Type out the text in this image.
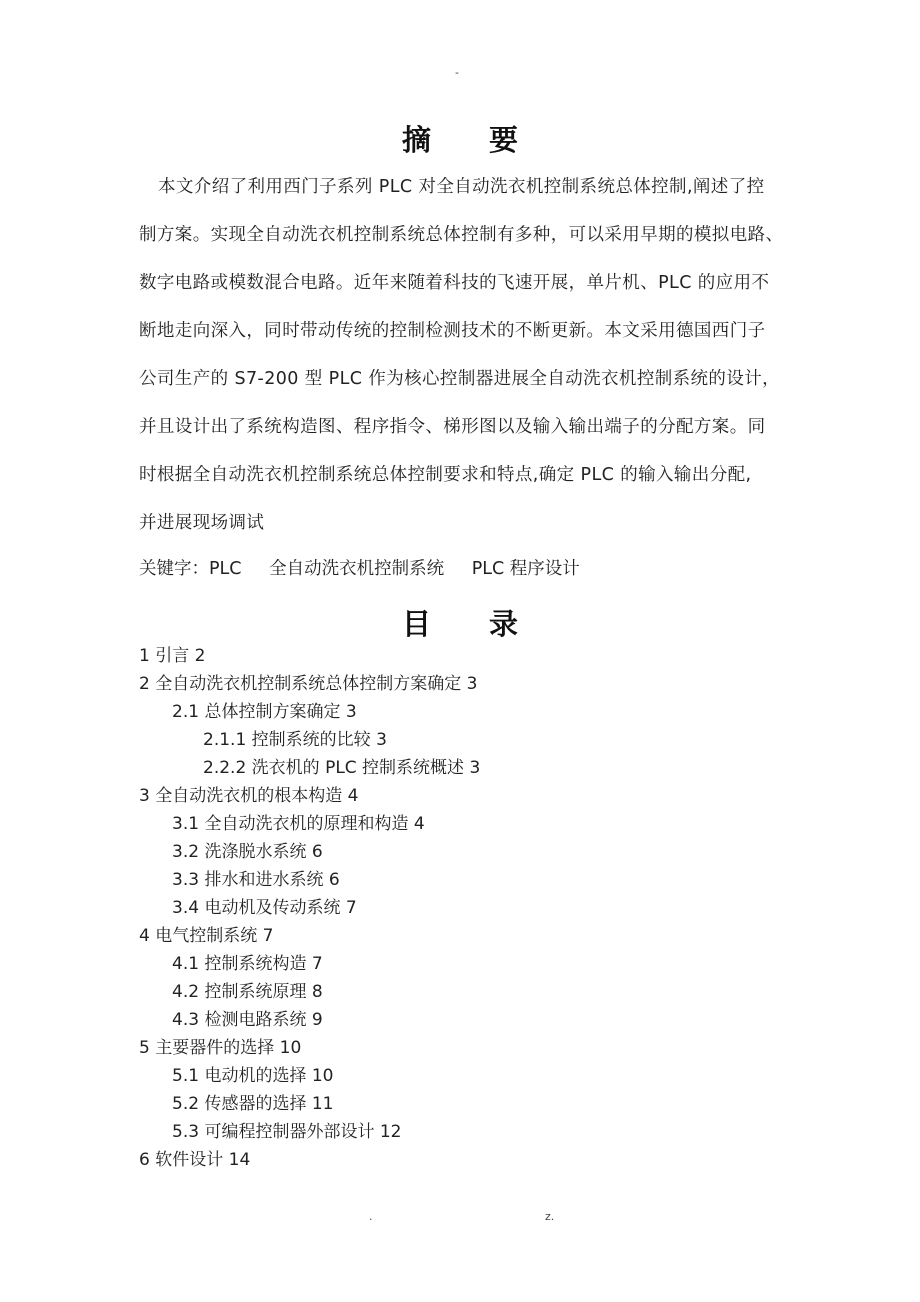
-
摘 要

本文介绍了利用西门子系列 PLC 对全自动洗衣机控制系统总体控制,阐述了控
制方案。实现全自动洗衣机控制系统总体控制有多种，可以采用早期的模拟电路、
数字电路或模数混合电路。近年来随着科技的飞速开展，单片机、PLC 的应用不
断地走向深入，同时带动传统的控制检测技术的不断更新。本文采用德国西门子
公司生产的 S7-200 型 PLC 作为核心控制器进展全自动洗衣机控制系统的设计，
并且设计出了系统构造图、程序指令、梯形图以及输入输出端子的分配方案。同
时根据全自动洗衣机控制系统总体控制要求和特点,确定 PLC 的输入输出分配,
并进展现场调试

关键字：PLC 全自动洗衣机控制系统 PLC 程序设计
目 录
1 引言 2
2 全自动洗衣机控制系统总体控制方案确定 3
2.1 总体控制方案确定 3
2.1.1 控制系统的比较 3
2.2.2 洗衣机的 PLC 控制系统概述 3
3 全自动洗衣机的根本构造 4
3.1 全自动洗衣机的原理和构造 4
3.2 洗涤脱水系统 6
3.3 排水和进水系统 6
3.4 电动机及传动系统 7
4 电气控制系统 7
4.1 控制系统构造 7
4.2 控制系统原理 8
4.3 检测电路系统 9
5 主要器件的选择 10
5.1 电动机的选择 10
5.2 传感器的选择 11
5.3 可编程控制器外部设计 12
6 软件设计 14
.	z.
